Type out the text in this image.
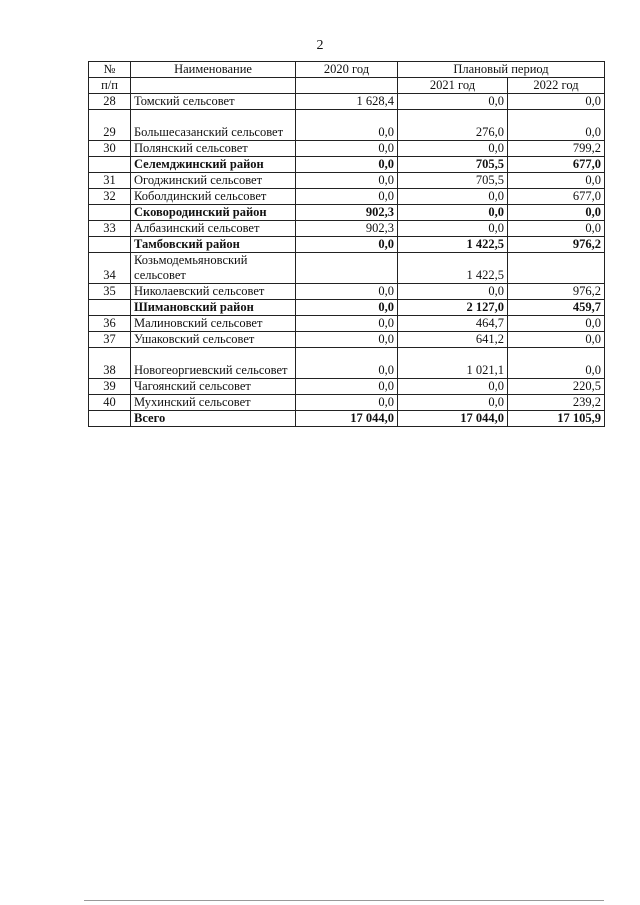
2
№	Наименование	2020 год	Плановый период	
п/п			2021 год	2022 год
28	Томский сельсовет	1 628,4	0,0	0,0
29	Большесазанский сельсовет	0,0	276,0	0,0
30	Полянский сельсовет	0,0	0,0	799,2
	Селемджинский район	0,0	705,5	677,0
31	Огоджинский сельсовет	0,0	705,5	0,0
32	Коболдинский сельсовет	0,0	0,0	677,0
	Сковородинский район	902,3	0,0	0,0
33	Албазинский сельсовет	902,3	0,0	0,0
	Тамбовский район	0,0	1 422,5	976,2
34	Козьмодемьяновский сельсовет		1 422,5	
35	Николаевский сельсовет	0,0	0,0	976,2
	Шимановский район	0,0	2 127,0	459,7
36	Малиновский сельсовет	0,0	464,7	0,0
37	Ушаковский сельсовет	0,0	641,2	0,0
38	Новогеоргиевский сельсовет	0,0	1 021,1	0,0
39	Чагоянский сельсовет	0,0	0,0	220,5
40	Мухинский сельсовет	0,0	0,0	239,2
	Всего	17 044,0	17 044,0	17 105,9
